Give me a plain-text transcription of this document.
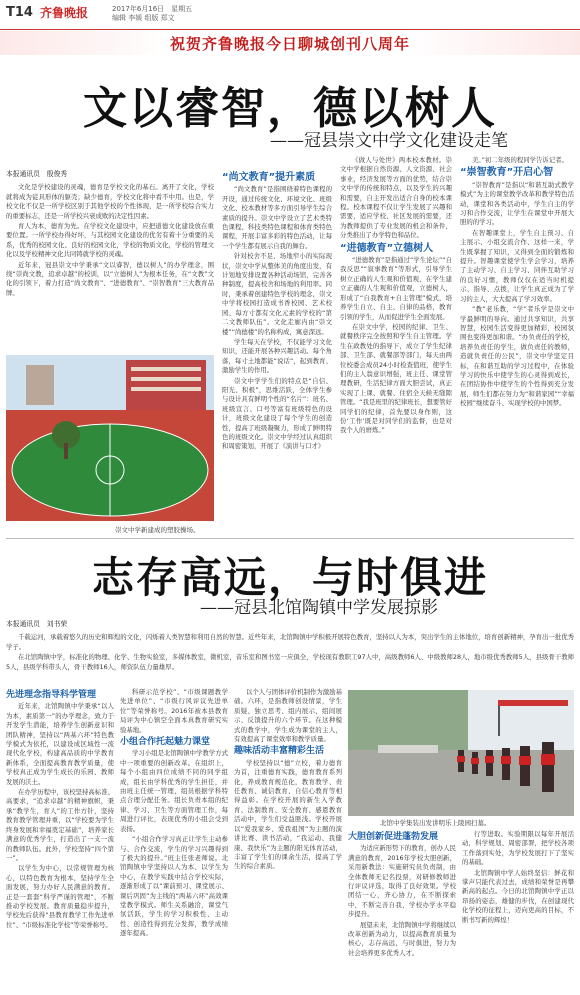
T14 齐鲁晚报	2017年6月16日　星期五
编辑 李媛 组版 郑文
祝贺齐鲁晚报今日聊城创刊八周年
文以睿智，德以树人
——冠县崇文中学文化建设走笔
本报通讯员　殷俊秀

文化是学校建设的灵魂，德育是学校文化的基石。离开了文化，学校就将成为徒具形体的躯壳；缺少德育，学校文化将中看不中用。也是，学校文化不仅是一所学校区别于其他学校的个性体现，是一所学校综合实力的重要标志，还是一所学校兴衰成败的决定性因素。

育人为本，德育为先。在学校文化建设中，应把道德文化建设放在重要位置。一所学校办得好坏，与其校园文化建设的优劣有着十分重要的关系，优秀的校园文化、良好的校园文化，学校的物质文化，学校的管理文化以及学校精神文化共同铸就学校的灵魂。

近年来，冠县崇文中学秉承“文以睿智，德以树人”的办学理念，围绕“崇尚文教，追求卓越”的校训，以“立德树人”为根本任务，在“文教”文化的引领下，着力打造“尚文教育”、“进德教育”、“崇智教育”三大教育品牌。

崇文中学新建成的塑胶操场。
“尚文教育”提升素质

“尚文教育”是指围绕着特色课程的开设，通过传统文化、环境文化、班级文化、校本教材等多方面引导学生综合素质的提升。崇文中学设立了艺术类特色课程、科技类特色课程和体育类特色课程，开展丰富多彩的特色活动，让每一个学生都有展示自我的舞台。

针对校舍不足、场地窄小的实际现状，崇文中学从整体美的角度出发，有计划地安排设置各种活动场馆，完善各种制度，提高校舍和场地的利用率。同时，秉承着创建特色学校的理念，崇文中学将校园打造成书香校园、艺术校园、每方寸都有文化元素的学校的“第二文教师队伍”。文化走廊内由“崇文楼”“尚德楼”的名称构成，寓意深远。

学生每天在学校，不仅能学习文化知识，还能开展各种兴趣活动。每个角落，每寸土地都能“说话”，起到教育、激励学生的作用。

崇文中学学生们的特点是“自信、阳光、积极”，思维活跃，全体学生参与设计具有鲜明个性的“名片”：班名、班级宣言、口号等富有班级特色的设计，班级文化建设了每个学生的创造性，提高了班级凝聚力，形成了鲜明特色的班级文化。崇文中学经过认真组织和周密策划，开展了《演讲与口才》

《做人与处世》两本校本教材。崇文中学根据自然资源、人文资源、社会事业，经济发展等方面的优势，结合崇文中学的传统和特点，以及学生的兴趣和需要，自主开发出适合自身的校本课程。校本课程不仅让学生发展了兴趣和需要，适应学校、社区发展的需要，还为教师提供了专业发展的机会和条件，分类推出了办学特色和品位。

“进德教育”立德树人

“进德教育”是指通过“学生论坛”“自我反思”“叙事教育”等形式，引导学生树立正确的人生观和价值观，在学生建立正确的人生观和价值观，立德树人，形成了“自我教育+自主管理”模式，培养学生自立、自主、自律的品格，教育引领的学生，从而促进学生全面发展。

在崇文中学，校园的纪律、卫生、就餐秩序完全按照和学生自主管理。学生在政教处的指导下，成立了学生纪律部、卫生部、就餐部等部门，每天由两位校委会成员24小时检查值班，使学生们的主人翁意识增强，班主任、课堂管理教研，生活纪律方面大胆尝试，真正实现了上课、就餐、住宿全天候无缝隙管理。“我是班里的纪律班长，想要管好同学们的纪律，首先要以身作则，这份‘工作’既是对同学们的监督，也是对我个人的磨炼。”

美。”初二年级的程同学告诉记者。

“崇智教育”开启心智

“崇智教育”是指以“和谐互助式教学模式”为主的课堂教学改革和教学特色活动，课堂和各类活动中，学生自主的学习和合作交流，让学生在课堂中开展大胆的的学习。

在智趣课堂上，学生自主预习、自主展示、小组交流合作、这样一来，学生既掌握了知识，又得到全面的锻炼和提升。智趣课堂使学生学会学习，培养了主动学习、自主学习、同伴互助学习的良好习惯，教师仅仅在适当时机提示、指导、点拨，让学生真正成为了学习的主人，大大提高了学习效率。

“教”老乐教，“学”者乐学是崇文中学最鲜明的导向。通过共享知识，共享智慧，校园生活变得更加精彩，校园氛围也变得更加和谐。“办负责任的学校，培养负责任的学生，做负责任的教师，造就负责任的公民”，崇文中学坚定目标，在和谐互助的学习过程中，在体验学习的快乐中使学生的心灵得到成长，在团结协作中使学生的个性得到充分发展，师生们都在努力为“和谐家园”“幸福校园”继续奋斗、实现学校的中国梦。

志存高远，与时俱进
——冠县北馆陶镇中学发展掠影
本报通讯员　刘书荣

千载运河，承载着悠久的历史和辉煌的文化，闪烁着人类智慧和利用自然的智慧。近些年来，北馆陶镇中学积极开展特色教育，坚持以人为本，突出学生的主体地位，培育创新精神，孕育出一批优秀学子。

在北馆陶镇中学，标准化的物理、化学、生物实验室，多媒体教室，微机室，音乐室和图书室一应俱全，学校现有教职工97人中，高级教师6人、中级教师28人，地市级优秀教师5人，县级骨干教师5人，县级学科带头人，骨干教师16人，师资队伍力量雄厚。

先进理念指导科学管理

近年来，北馆陶镇中学秉承“以人为本，素质第一”的办学理念，致力于开发学生潜能，培养学生创新意识和团队精神，坚持以“两基六环”特色教学模式为依托，以建设成区域性一流现代化学校，构建高品质的中学教育新体系，全面提高教育教学质量，使学校真正成为学生成长的乐园、教师发展的沃土。

在办学历程中，该校坚持高标准、高要求，“追求卓越”的精神旗帜，秉承“教学生，育人”的工作方针，坚持教育教学管理并重，以“学校要为学生终身发展和幸福奠定基础”，培养家长满意的优秀学生，打造出了一支一流的教师队伍。此外，学校坚持“四个第一”。

以学生为中心，以常规管理为核心，以特色教育为根本，坚持学生全面发展，努力办好人民满意的教育。正是一套套“科学严谨的管理”，不断推动学校发展。教育质量稳步提升，学校先后获得“县教育教学工作先进单位”、“市级标准化学校”等荣誉称号。

科研示范学校”、“市级课题教学先进单位”、“市级行风评议先进单位”等荣誉称号。2016年被本县教育局评为中心镇空全面本真教育研究实验基地。

小组合作托起魅力课堂

学习小组是北馆陶镇中学教学方式中一项重要的创新改革。在组织上，每个小组由四位成绩不同的同学组成，组长由学科优秀的学生担任，并由班主任统一管理，组员根据学科特点合理分配任务。组长负责本组的纪律、学习、卫生等方面管理工作，每周进行评比，表现优秀的小组会受到表扬。

“小组合作学习真正让学生主动参与、合作交流，学生的学习兴趣得到了极大的提升。”班主任张老师说。北馆陶镇中学坚持以人为本、以学生为中心，在教学实践中结合学校实际，逐渐形成了以“课前预习、课堂展示、课后巩固”为主线的“两基六环”高效课堂教学模式。师生关系融洽，课堂气氛活跃，学生的学习积极性、主动性、创造性得到充分发挥，教学成绩逐年提高。

以个人与团体评价机制作为激励基础。六环，是指教师创设情景，学生质疑、独立思考、组内展示、组间展示、反馈提升的六个环节。在这种模式的教学中，学生成为课堂的主人，有效提高了课堂效率和教学质量。

趣味活动丰富精彩生活

学校坚持以“德”立校，着力德育为首，注重德育实践，德育教育系列化，养成教育规范化，教育教学、责任教育、诚信教育、自信心教育等相得益彰。在学校开展的新生入学教育、法制教育、安全教育、感恩教育活动中，学生们受益匪浅。学校开展以“爱我家乡、爱我祖国”为主题的演讲比赛、读书活动，“我运动、我健康、我快乐”为主题的阳光体育活动，丰富了学生们的课余生活，提高了学生的综合素质。

北馆中学集装出发讲明乐上陵园扫墓。
大胆创新促进蓬勃发展

为适应新形势下的教育，创办人民满意的教育，2016年学校大胆创新，采用新教法：实施研究员负责制，由全体教师无记名投票，对研修教师进行评议评选，取得了良好效果。学校团结一心，齐心协力，在不断探索中，不断完善自我，学校办学水平稳步提升。

展望未来，北馆陶镇中学将继续以改革创新为动力，以提高教育质量为核心，志存高远，与时俱进，努力为社会培养更多优秀人才。

行等进取。实验期限以每年开展活动，科学规划、周密部署，把学校各项工作落到实处，为学校发展打下了坚实的基础。

北馆陶镇中学人始终坚信：鲜花和掌声只能代表过去，成绩和荣誉是再攀新高的起点。今日的北馆陶镇中学正以昂扬的姿态，雄健的步伐，在创建现代化学校的征程上，迈向更高的目标，不断书写新的辉煌！
